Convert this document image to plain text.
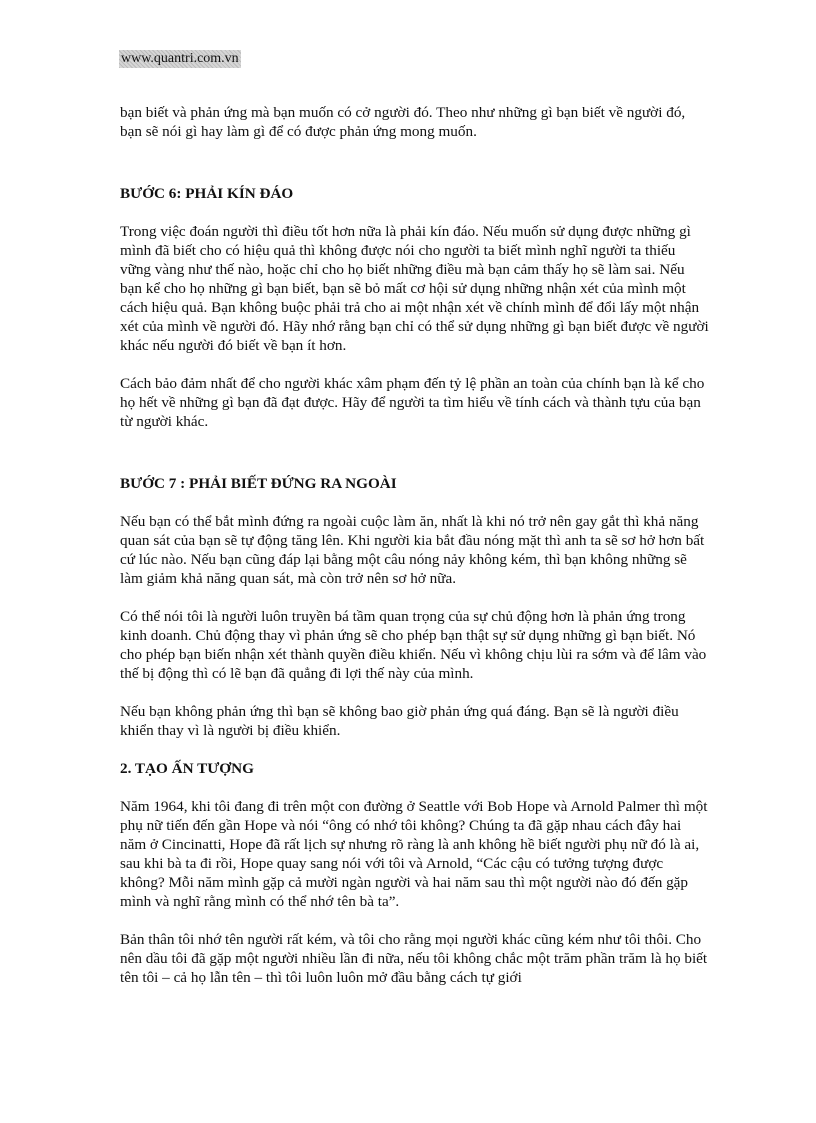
www.quantri.com.vn

bạn biết và phản ứng mà bạn muốn có cở người đó. Theo như những gì bạn biết về người đó, bạn sẽ nói gì hay làm gì để có được phản ứng mong muốn.

BƯỚC 6: PHẢI KÍN ĐÁO

Trong việc đoán người thì điều tốt hơn nữa là phải kín đáo. Nếu muốn sử dụng được những gì mình đã biết cho có hiệu quả thì không được nói cho người ta biết mình nghĩ người ta thiếu vững vàng như thế nào, hoặc chỉ cho họ biết những điều mà bạn cảm thấy họ sẽ làm sai. Nếu bạn kể cho họ những gì bạn biết, bạn sẽ bỏ mất cơ hội sử dụng những nhận xét của mình một cách hiệu quả. Bạn không buộc phải trả cho ai một nhận xét về chính mình để đổi lấy một nhận xét của mình về người đó. Hãy nhớ rằng bạn chỉ có thể sử dụng những gì bạn biết được về người khác nếu người đó biết về bạn ít hơn.

Cách bảo đảm nhất để cho người khác xâm phạm đến tỷ lệ phần an toàn của chính bạn là kể cho họ hết về những gì bạn đã đạt được. Hãy để người ta tìm hiểu về tính cách và thành tựu của bạn từ người khác.

BƯỚC 7 : PHẢI BIẾT ĐỨNG RA NGOÀI

Nếu bạn có thể bắt mình đứng ra ngoài cuộc làm ăn, nhất là khi nó trở nên gay gắt thì khả năng quan sát của bạn sẽ tự động tăng lên. Khi người kia bắt đầu nóng mặt thì anh ta sẽ sơ hở hơn bất cứ lúc nào. Nếu bạn cũng đáp lại bằng một câu nóng nảy không kém, thì bạn không những sẽ làm giảm khả năng quan sát, mà còn trở nên sơ hở nữa.

Có thể nói tôi là người luôn truyền bá tầm quan trọng của sự chủ động hơn là phản ứng trong kinh doanh. Chủ động thay vì phản ứng sẽ cho phép bạn thật sự sử dụng những gì bạn biết. Nó cho phép bạn biến nhận xét thành quyền điều khiển. Nếu vì không chịu lùi ra sớm và để lâm vào thế bị động thì có lẽ bạn đã quẳng đi lợi thế này của mình.

Nếu bạn không phản ứng thì bạn sẽ không bao giờ phản ứng quá đáng. Bạn sẽ là người điều khiển thay vì là người bị điều khiển.

2. TẠO ẤN TƯỢNG

Năm 1964, khi tôi đang đi trên một con đường ở Seattle với Bob Hope và Arnold Palmer thì một phụ nữ tiến đến gần Hope và nói “ông có nhớ tôi không? Chúng ta đã gặp nhau cách đây hai năm ở Cincinatti, Hope đã rất lịch sự nhưng rõ ràng là anh không hề biết người phụ nữ đó là ai, sau khi bà ta đi rồi, Hope quay sang nói với tôi và Arnold, “Các cậu có tưởng tượng được không? Mỗi năm mình gặp cả mười ngàn người và hai năm sau thì một người nào đó đến gặp mình và nghĩ rằng mình có thể nhớ tên bà ta”.

Bản thân tôi nhớ tên người rất kém, và tôi cho rằng mọi người khác cũng kém như tôi thôi. Cho nên dầu tôi đã gặp một người nhiều lần đi nữa, nếu tôi không chắc một trăm phần trăm là họ biết tên tôi – cả họ lẫn tên – thì tôi luôn luôn mở đầu bằng cách tự giới
